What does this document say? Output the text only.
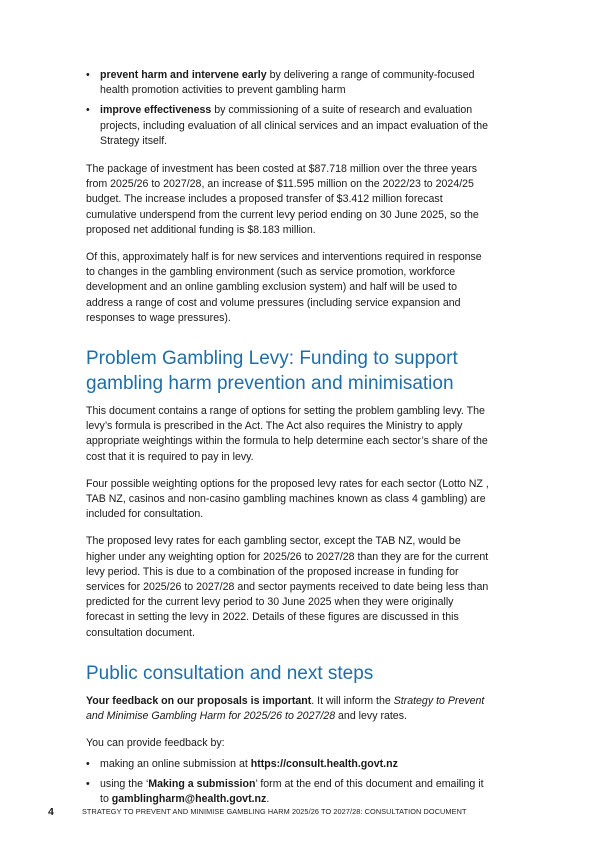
• prevent harm and intervene early by delivering a range of community-focused health promotion activities to prevent gambling harm
• improve effectiveness by commissioning of a suite of research and evaluation projects, including evaluation of all clinical services and an impact evaluation of the Strategy itself.

The package of investment has been costed at $87.718 million over the three years from 2025/26 to 2027/28, an increase of $11.595 million on the 2022/23 to 2024/25 budget. The increase includes a proposed transfer of $3.412 million forecast cumulative underspend from the current levy period ending on 30 June 2025, so the proposed net additional funding is $8.183 million.

Of this, approximately half is for new services and interventions required in response to changes in the gambling environment (such as service promotion, workforce development and an online gambling exclusion system) and half will be used to address a range of cost and volume pressures (including service expansion and responses to wage pressures).

Problem Gambling Levy: Funding to support gambling harm prevention and minimisation

This document contains a range of options for setting the problem gambling levy. The levy’s formula is prescribed in the Act. The Act also requires the Ministry to apply appropriate weightings within the formula to help determine each sector’s share of the cost that it is required to pay in levy.

Four possible weighting options for the proposed levy rates for each sector (Lotto NZ , TAB NZ, casinos and non-casino gambling machines known as class 4 gambling) are included for consultation.

The proposed levy rates for each gambling sector, except the TAB NZ, would be higher under any weighting option for 2025/26 to 2027/28 than they are for the current levy period. This is due to a combination of the proposed increase in funding for services for 2025/26 to 2027/28 and sector payments received to date being less than predicted for the current levy period to 30 June 2025 when they were originally forecast in setting the levy in 2022. Details of these figures are discussed in this consultation document.

Public consultation and next steps

Your feedback on our proposals is important. It will inform the Strategy to Prevent and Minimise Gambling Harm for 2025/26 to 2027/28 and levy rates.

You can provide feedback by:

• making an online submission at https://consult.health.govt.nz
• using the ‘Making a submission’ form at the end of this document and emailing it to gamblingharm@health.govt.nz.
4	STRATEGY TO PREVENT AND MINIMISE GAMBLING HARM 2025/26 TO 2027/28: CONSULTATION DOCUMENT
